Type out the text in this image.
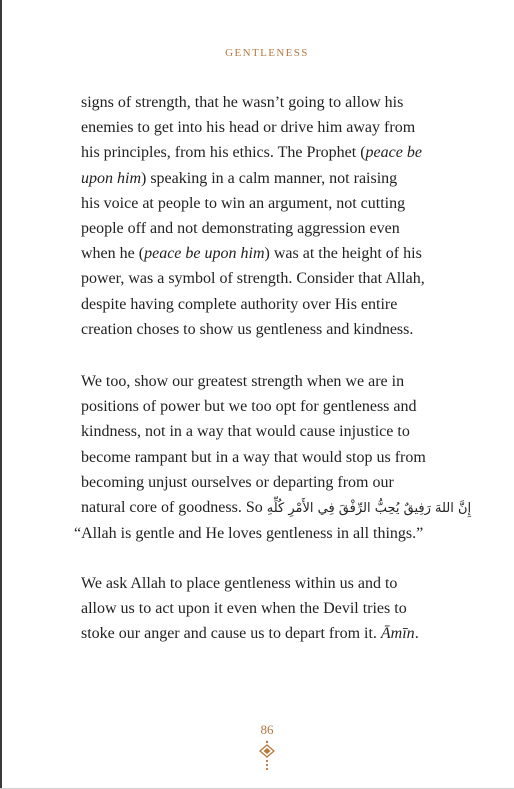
GENTLENESS
signs of strength, that he wasn’t going to allow his
enemies to get into his head or drive him away from
his principles, from his ethics. The Prophet (peace be
upon him) speaking in a calm manner, not raising
his voice at people to win an argument, not cutting
people off and not demonstrating aggression even
when he (peace be upon him) was at the height of his
power, was a symbol of strength. Consider that Allah,
despite having complete authority over His entire
creation choses to show us gentleness and kindness.
We too, show our greatest strength when we are in
positions of power but we too opt for gentleness and
kindness, not in a way that would cause injustice to
become rampant but in a way that would stop us from
becoming unjust ourselves or departing from our
natural core of goodness. So إِنَّ اللهَ رَفِيقٌ يُحِبُّ الرِّفْقَ فِي الأَمْرِ كُلِّهِ
“Allah is gentle and He loves gentleness in all things.”
We ask Allah to place gentleness within us and to
allow us to act upon it even when the Devil tries to
stoke our anger and cause us to depart from it. Āmīn.
86
